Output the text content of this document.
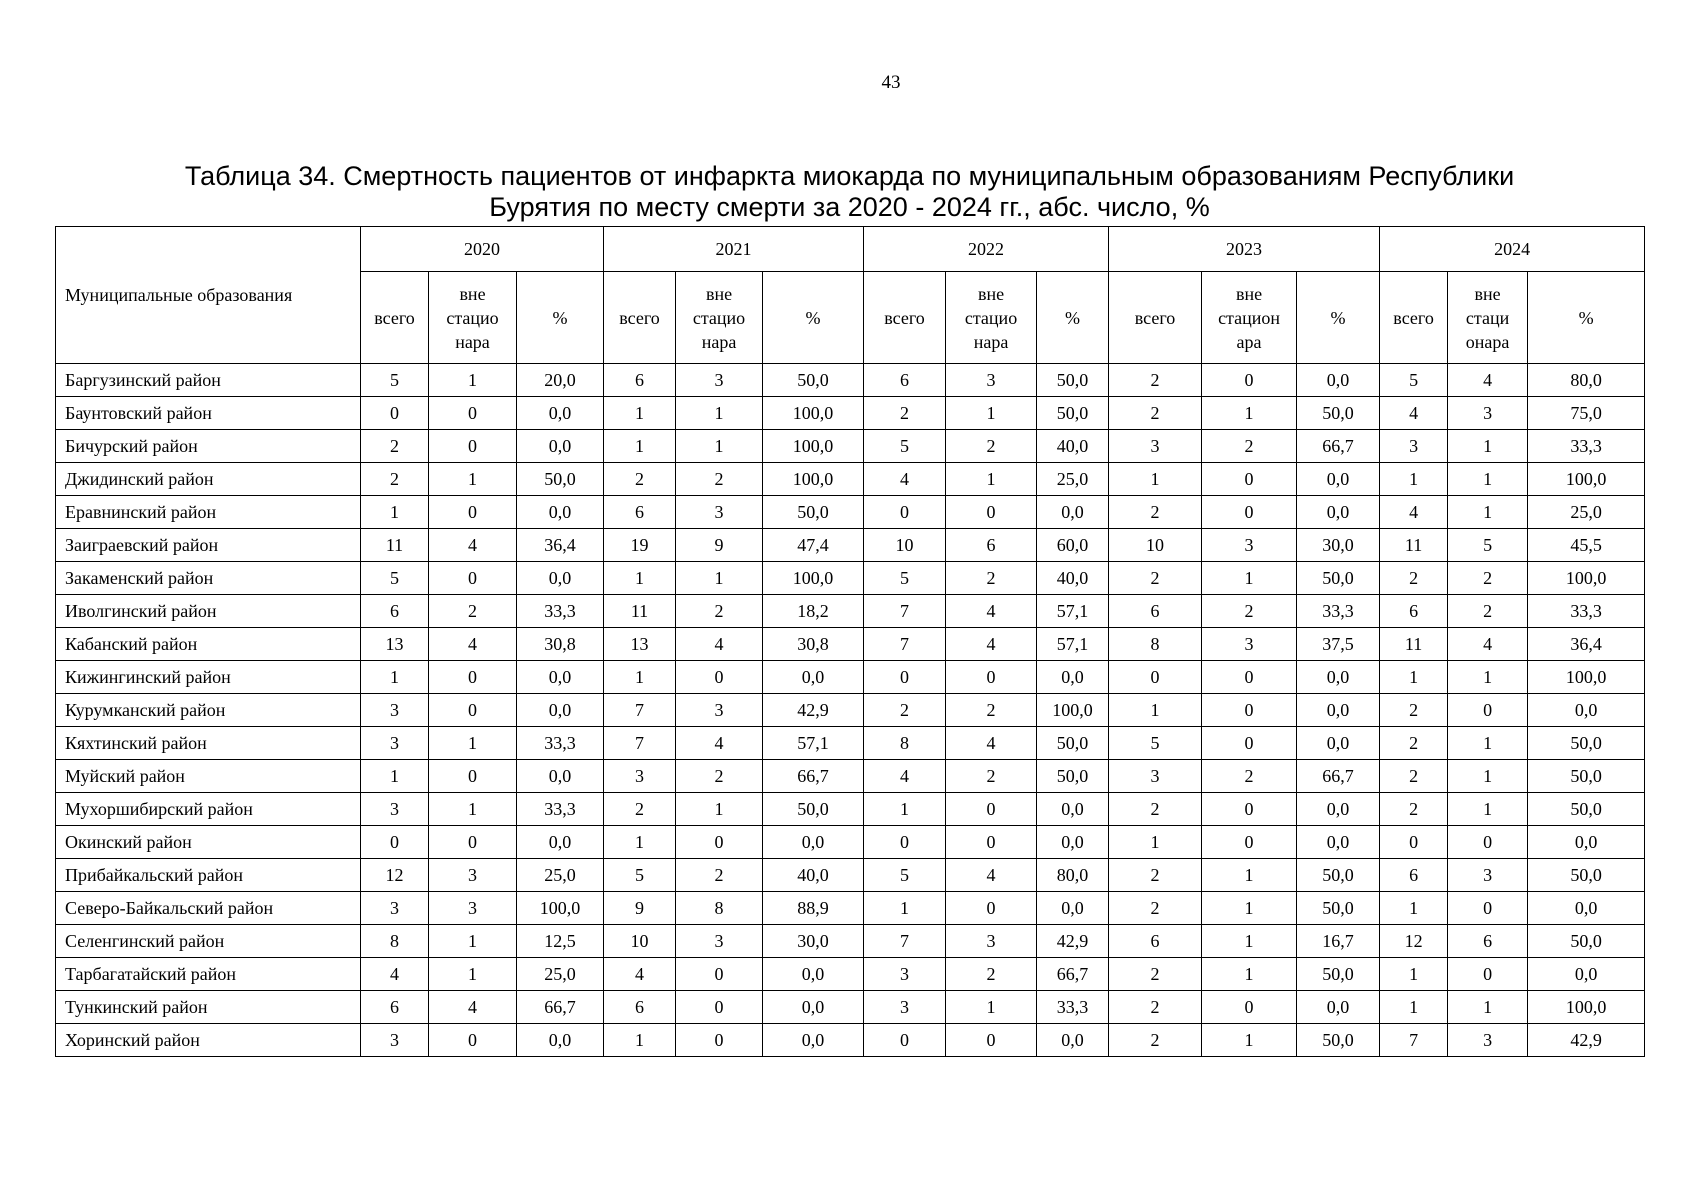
43
Таблица 34. Смертность пациентов от инфаркта миокарда по муниципальным образованиям Республики
Бурятия по месту смерти за 2020 - 2024 гг., абс. число, %
Муниципальные образования	2020			2021			2022			2023			2024		
	всего	вне
стацио
нара	%	всего	вне
стацио
нара	%	всего	вне
стацио
нара	%	всего	вне
стацион
ара	%	всего	вне
стаци
онара	%
Баргузинский район	5	1	20,0	6	3	50,0	6	3	50,0	2	0	0,0	5	4	80,0
Баунтовский район	0	0	0,0	1	1	100,0	2	1	50,0	2	1	50,0	4	3	75,0
Бичурский район	2	0	0,0	1	1	100,0	5	2	40,0	3	2	66,7	3	1	33,3
Джидинский район	2	1	50,0	2	2	100,0	4	1	25,0	1	0	0,0	1	1	100,0
Еравнинский район	1	0	0,0	6	3	50,0	0	0	0,0	2	0	0,0	4	1	25,0
Заиграевский район	11	4	36,4	19	9	47,4	10	6	60,0	10	3	30,0	11	5	45,5
Закаменский район	5	0	0,0	1	1	100,0	5	2	40,0	2	1	50,0	2	2	100,0
Иволгинский район	6	2	33,3	11	2	18,2	7	4	57,1	6	2	33,3	6	2	33,3
Кабанский район	13	4	30,8	13	4	30,8	7	4	57,1	8	3	37,5	11	4	36,4
Кижингинский район	1	0	0,0	1	0	0,0	0	0	0,0	0	0	0,0	1	1	100,0
Курумканский район	3	0	0,0	7	3	42,9	2	2	100,0	1	0	0,0	2	0	0,0
Кяхтинский район	3	1	33,3	7	4	57,1	8	4	50,0	5	0	0,0	2	1	50,0
Муйский район	1	0	0,0	3	2	66,7	4	2	50,0	3	2	66,7	2	1	50,0
Мухоршибирский район	3	1	33,3	2	1	50,0	1	0	0,0	2	0	0,0	2	1	50,0
Окинский район	0	0	0,0	1	0	0,0	0	0	0,0	1	0	0,0	0	0	0,0
Прибайкальский район	12	3	25,0	5	2	40,0	5	4	80,0	2	1	50,0	6	3	50,0
Северо-Байкальский район	3	3	100,0	9	8	88,9	1	0	0,0	2	1	50,0	1	0	0,0
Селенгинский район	8	1	12,5	10	3	30,0	7	3	42,9	6	1	16,7	12	6	50,0
Тарбагатайский район	4	1	25,0	4	0	0,0	3	2	66,7	2	1	50,0	1	0	0,0
Тункинский район	6	4	66,7	6	0	0,0	3	1	33,3	2	0	0,0	1	1	100,0
Хоринский район	3	0	0,0	1	0	0,0	0	0	0,0	2	1	50,0	7	3	42,9
